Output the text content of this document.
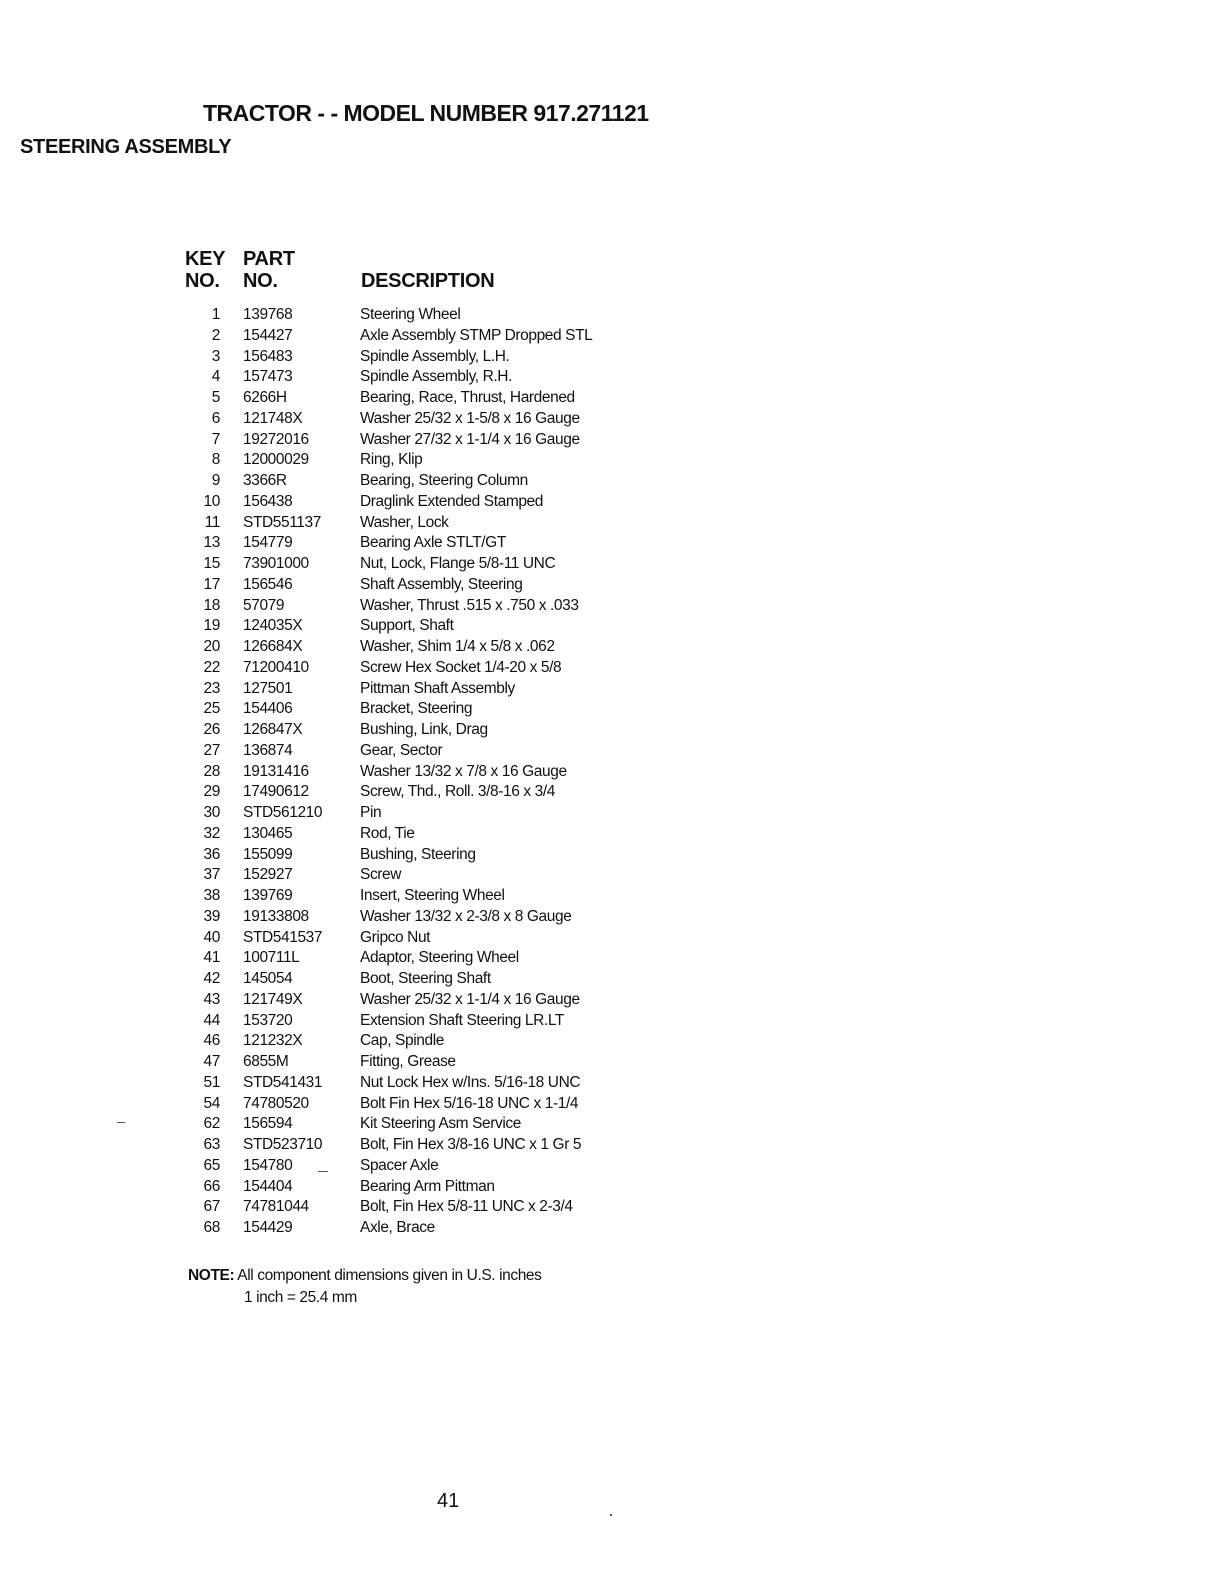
TRACTOR - - MODEL NUMBER 917.271121
STEERING ASSEMBLY
KEY
NO.
PART
NO.	DESCRIPTION
1 139768	Steering Wheel
2 154427	Axle Assembly STMP Dropped STL
3 156483	Spindle Assembly, L.H.
4 157473	Spindle Assembly, R.H.
5 6266H	Bearing, Race, Thrust, Hardened
6 121748X	Washer 25/32 x 1-5/8 x 16 Gauge
7 19272016	Washer 27/32 x 1-1/4 x 16 Gauge
8 12000029	Ring, Klip
9 3366R	Bearing, Steering Column
10 156438	Draglink Extended Stamped
11 STD551137	Washer, Lock
13 154779	Bearing Axle STLT/GT
15 73901000	Nut, Lock, Flange 5/8-11 UNC
17 156546	Shaft Assembly, Steering
18 57079	Washer, Thrust .515 x .750 x .033
19 124035X	Support, Shaft
20 126684X	Washer, Shim 1/4 x 5/8 x .062
22 71200410	Screw Hex Socket 1/4-20 x 5/8
23 127501	Pittman Shaft Assembly
25 154406	Bracket, Steering
26 126847X	Bushing, Link, Drag
27 136874	Gear, Sector
28 19131416	Washer 13/32 x 7/8 x 16 Gauge
29 17490612	Screw, Thd., Roll. 3/8-16 x 3/4
30 STD561210 Pin
32 130465	Rod, Tie
36 155099	Bushing, Steering
37 152927	Screw
38 139769	Insert, Steering Wheel
39 19133808	Washer 13/32 x 2-3/8 x 8 Gauge
40 STD541537 Gripco Nut
41 100711L	Adaptor, Steering Wheel
42 145054	Boot, Steering Shaft
43 121749X	Washer 25/32 x 1-1/4 x 16 Gauge
44 153720	Extension Shaft Steering LR.LT
46 121232X	Cap, Spindle
47 6855M	Fitting, Grease
51 STD541431 Nut Lock Hex w/Ins. 5/16-18 UNC
54 74780520	Bolt Fin Hex 5/16-18 UNC x 1-1/4
62 156594	Kit Steering Asm Service
63 STD523710 Bolt, Fin Hex 3/8-16 UNC x 1 Gr 5
65 154780	Spacer Axle
66 154404	Bearing Arm Pittman
67 74781044	Bolt, Fin Hex 5/8-11 UNC x 2-3/4
68 154429	Axle, Brace
NOTE: All component dimensions given in U.S. inches
1 inch = 25.4 mm
41
